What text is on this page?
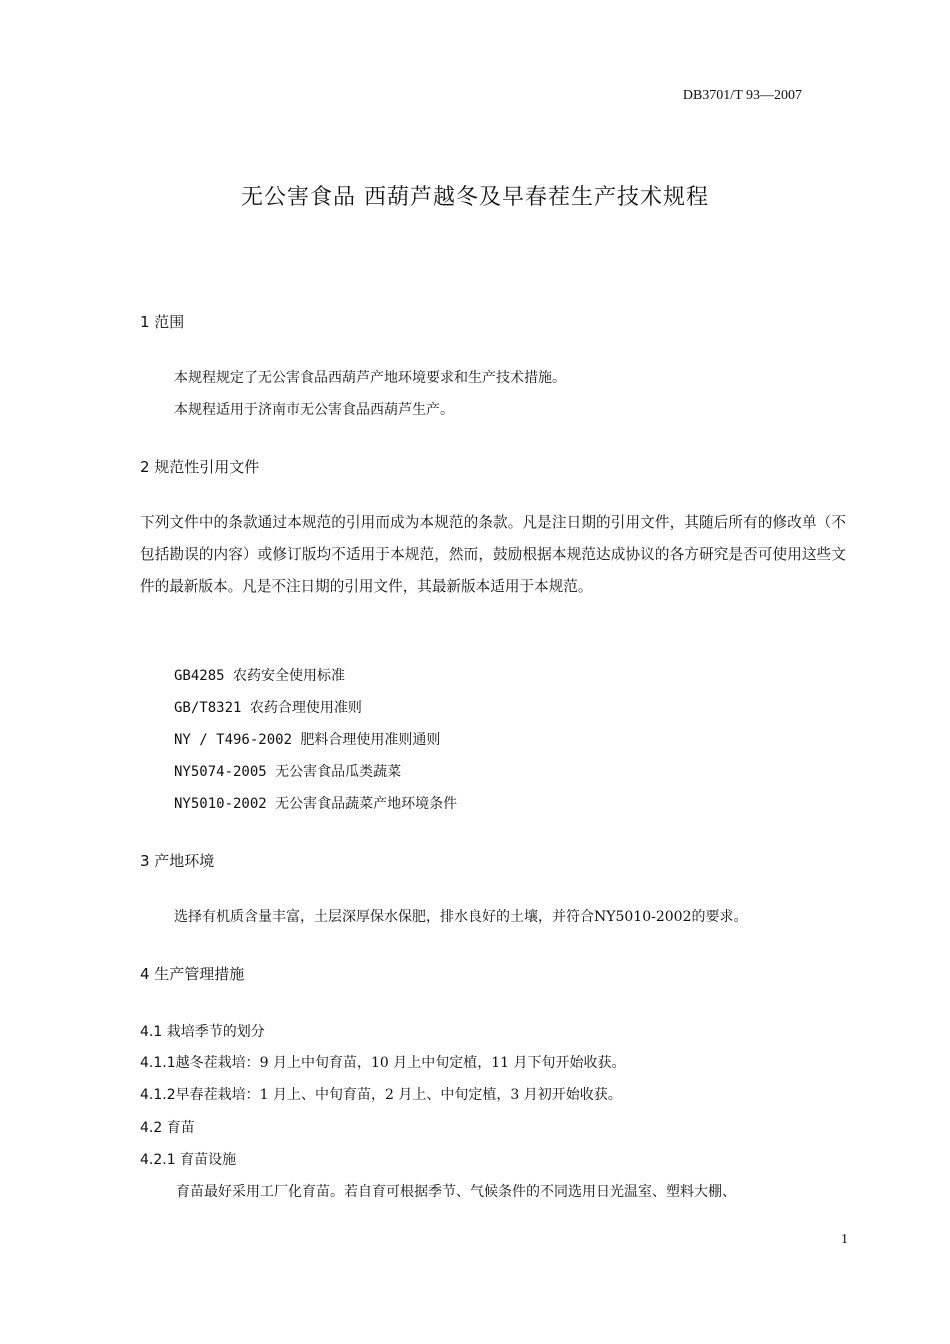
DB3701/T 93—2007
无公害食品 西葫芦越冬及早春茬生产技术规程
1 范围
本规程规定了无公害食品西葫芦产地环境要求和生产技术措施。
本规程适用于济南市无公害食品西葫芦生产。
2 规范性引用文件
下列文件中的条款通过本规范的引用而成为本规范的条款。凡是注日期的引用文件，其随后所有的修改单（不包括勘误的内容）或修订版均不适用于本规范，然而，鼓励根据本规范达成协议的各方研究是否可使用这些文件的最新版本。凡是不注日期的引用文件，其最新版本适用于本规范。
GB4285 农药安全使用标准
GB/T8321 农药合理使用准则
NY / T496-2002 肥料合理使用准则通则
NY5074-2005 无公害食品瓜类蔬菜
NY5010-2002 无公害食品蔬菜产地环境条件
3 产地环境
选择有机质含量丰富，土层深厚保水保肥，排水良好的土壤，并符合NY5010-2002的要求。
4 生产管理措施
4.1 栽培季节的划分
4.1.1越冬茬栽培：9 月上中旬育苗，10 月上中旬定植，11 月下旬开始收获。
4.1.2早春茬栽培：1 月上、中旬育苗，2 月上、中旬定植，3 月初开始收获。
4.2 育苗
4.2.1 育苗设施
育苗最好采用工厂化育苗。若自育可根据季节、气候条件的不同选用日光温室、塑料大棚、
1
